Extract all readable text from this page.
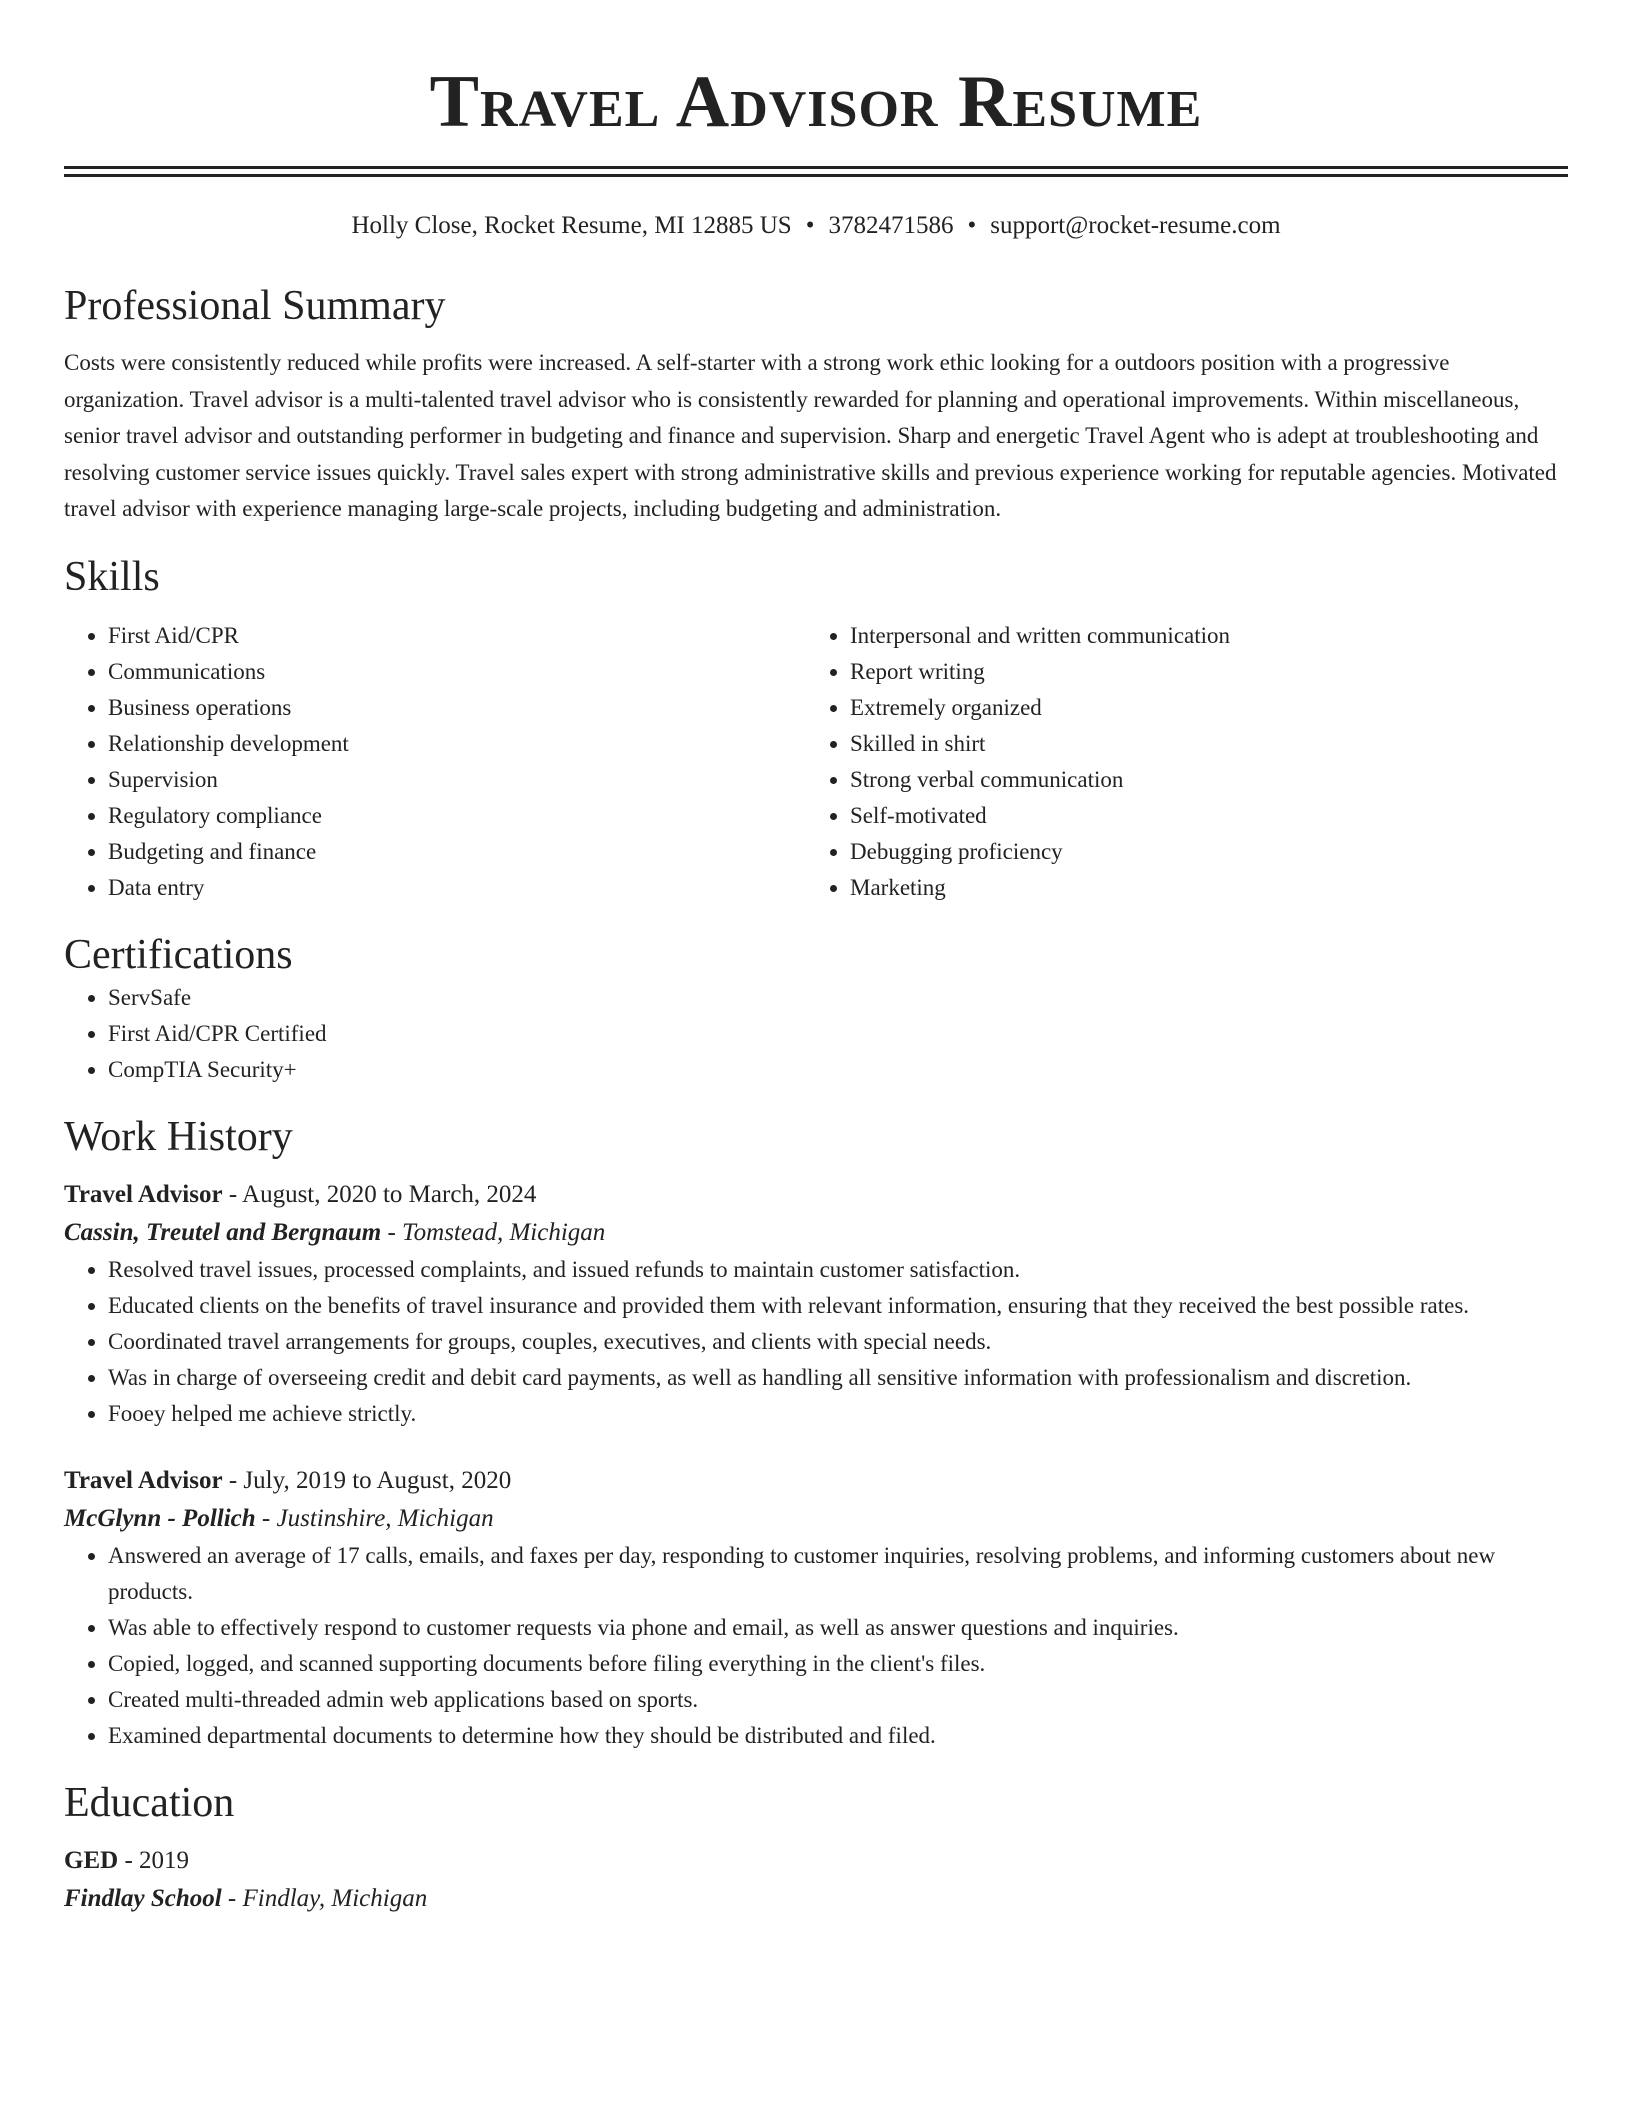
Travel Advisor Resume
Holly Close, Rocket Resume, MI 12885 US • 3782471586 • support@rocket-resume.com
Professional Summary

Costs were consistently reduced while profits were increased. A self-starter with a strong work ethic looking for a outdoors position with a progressive organization. Travel advisor is a multi-talented travel advisor who is consistently rewarded for planning and operational improvements. Within miscellaneous, senior travel advisor and outstanding performer in budgeting and finance and supervision. Sharp and energetic Travel Agent who is adept at troubleshooting and resolving customer service issues quickly. Travel sales expert with strong administrative skills and previous experience working for reputable agencies. Motivated travel advisor with experience managing large-scale projects, including budgeting and administration.

Skills
• First Aid/CPR
• Communications
• Business operations
• Relationship development
• Supervision
• Regulatory compliance
• Budgeting and finance
• Data entry
• Interpersonal and written communication
• Report writing
• Extremely organized
• Skilled in shirt
• Strong verbal communication
• Self-motivated
• Debugging proficiency
• Marketing
Certifications
• ServSafe
• First Aid/CPR Certified
• CompTIA Security+
Work History
Travel Advisor - August, 2020 to March, 2024
Cassin, Treutel and Bergnaum - Tomstead, Michigan
• Resolved travel issues, processed complaints, and issued refunds to maintain customer satisfaction.
• Educated clients on the benefits of travel insurance and provided them with relevant information, ensuring that they received the best possible rates.
• Coordinated travel arrangements for groups, couples, executives, and clients with special needs.
• Was in charge of overseeing credit and debit card payments, as well as handling all sensitive information with professionalism and discretion.
• Fooey helped me achieve strictly.
Travel Advisor - July, 2019 to August, 2020
McGlynn - Pollich - Justinshire, Michigan
• Answered an average of 17 calls, emails, and faxes per day, responding to customer inquiries, resolving problems, and informing customers about new products.
• Was able to effectively respond to customer requests via phone and email, as well as answer questions and inquiries.
• Copied, logged, and scanned supporting documents before filing everything in the client's files.
• Created multi-threaded admin web applications based on sports.
• Examined departmental documents to determine how they should be distributed and filed.
Education
GED - 2019
Findlay School - Findlay, Michigan
